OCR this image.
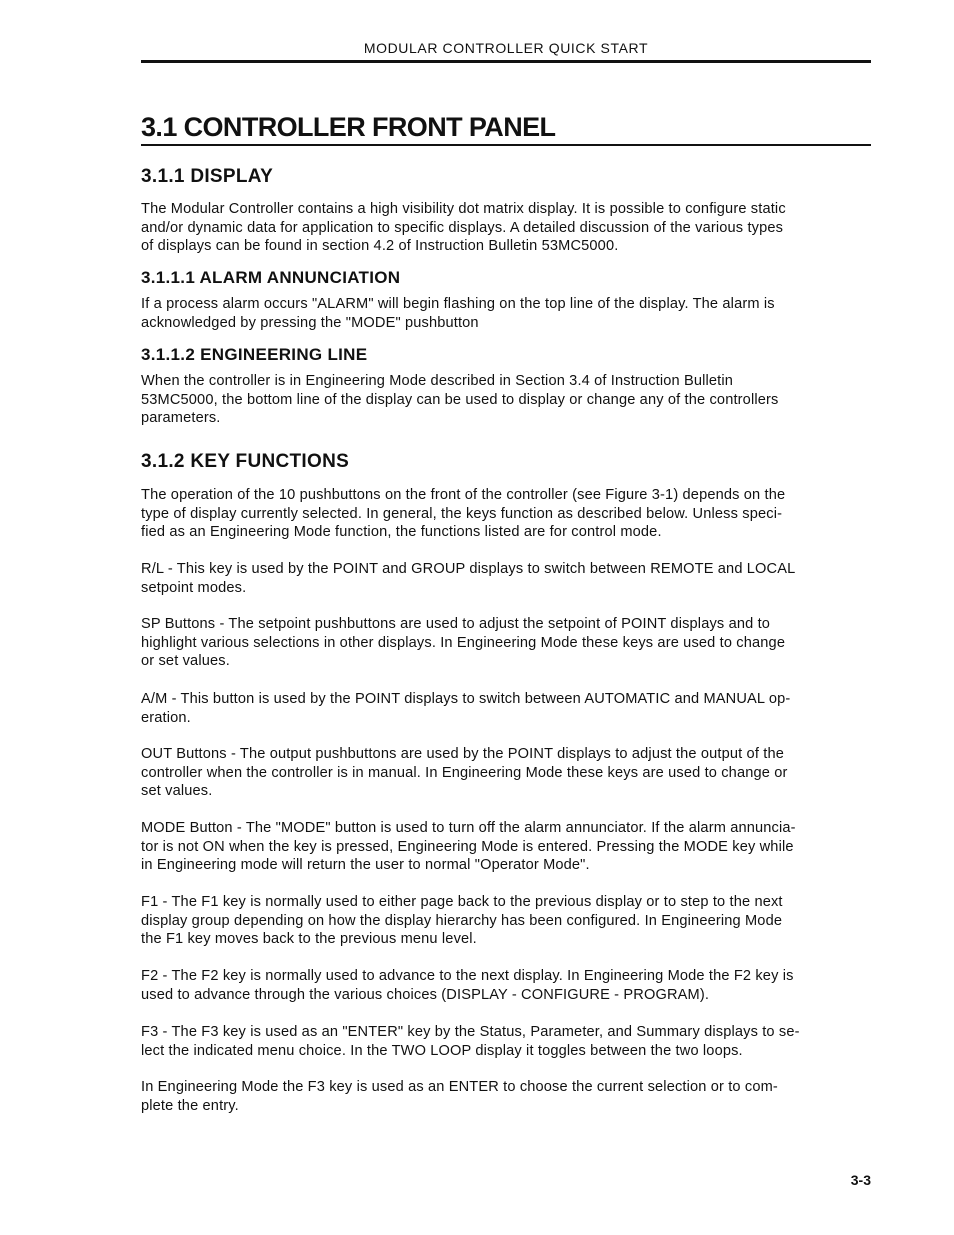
MODULAR CONTROLLER QUICK START
3.1 CONTROLLER FRONT PANEL
3.1.1 DISPLAY

The Modular Controller contains a high visibility dot matrix display. It is possible to configure static
and/or dynamic data for application to specific displays. A detailed discussion of the various types
of displays can be found in section 4.2 of Instruction Bulletin 53MC5000.

3.1.1.1 ALARM ANNUNCIATION

If a process alarm occurs "ALARM" will begin flashing on the top line of the display. The alarm is
acknowledged by pressing the "MODE" pushbutton

3.1.1.2 ENGINEERING LINE

When the controller is in Engineering Mode described in Section 3.4 of Instruction Bulletin
53MC5000, the bottom line of the display can be used to display or change any of the controllers
parameters.

3.1.2 KEY FUNCTIONS

The operation of the 10 pushbuttons on the front of the controller (see Figure 3-1) depends on the
type of display currently selected. In general, the keys function as described below. Unless speci-
fied as an Engineering Mode function, the functions listed are for control mode.

R/L - This key is used by the POINT and GROUP displays to switch between REMOTE and LOCAL
setpoint modes.

SP Buttons - The setpoint pushbuttons are used to adjust the setpoint of POINT displays and to
highlight various selections in other displays. In Engineering Mode these keys are used to change
or set values.

A/M - This button is used by the POINT displays to switch between AUTOMATIC and MANUAL op-
eration.

OUT Buttons - The output pushbuttons are used by the POINT displays to adjust the output of the
controller when the controller is in manual. In Engineering Mode these keys are used to change or
set values.

MODE Button - The "MODE" button is used to turn off the alarm annunciator. If the alarm annuncia-
tor is not ON when the key is pressed, Engineering Mode is entered. Pressing the MODE key while
in Engineering mode will return the user to normal "Operator Mode".

F1 - The F1 key is normally used to either page back to the previous display or to step to the next
display group depending on how the display hierarchy has been configured. In Engineering Mode
the F1 key moves back to the previous menu level.

F2 - The F2 key is normally used to advance to the next display. In Engineering Mode the F2 key is
used to advance through the various choices (DISPLAY - CONFIGURE - PROGRAM).

F3 - The F3 key is used as an "ENTER" key by the Status, Parameter, and Summary displays to se-
lect the indicated menu choice. In the TWO LOOP display it toggles between the two loops.

In Engineering Mode the F3 key is used as an ENTER to choose the current selection or to com-
plete the entry.

3-3
